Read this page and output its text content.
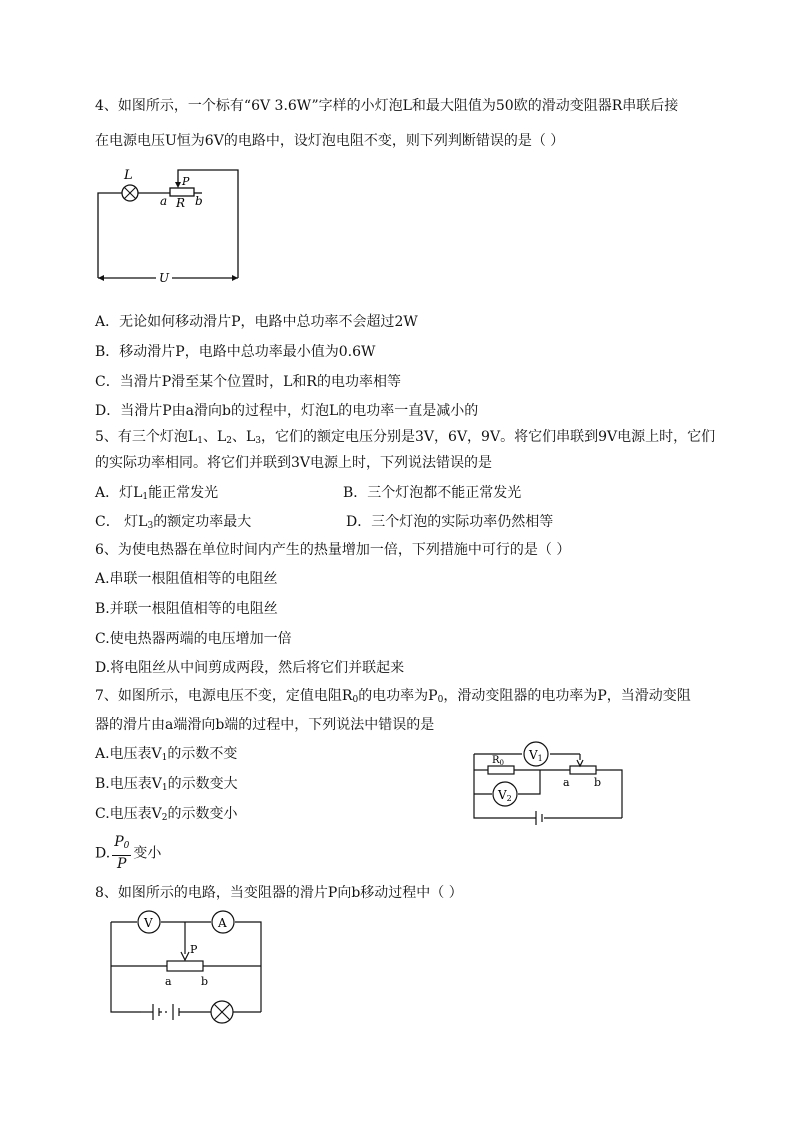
4、如图所示，一个标有“6V 3.6W”字样的小灯泡L和最大阻值为50欧的滑动变阻器R串联后接
在电源电压U恒为6V的电路中，设灯泡电阻不变，则下列判断错误的是（ ）
L	P
a R b
U
A．无论如何移动滑片P，电路中总功率不会超过2W
B．移动滑片P，电路中总功率最小值为0.6W
C．当滑片P滑至某个位置时，L和R的电功率相等
D．当滑片P由a滑向b的过程中，灯泡L的电功率一直是减小的
5、有三个灯泡$L_1$、$L_2$、$L_3$，它们的额定电压分别是3V，6V，9V。将它们串联到9V电源上时，它们
的实际功率相同。将它们并联到3V电源上时，下列说法错误的是
A．灯$L_1$能正常发光	B．三个灯泡都不能正常发光
C． 灯$L_3$的额定功率最大	D．三个灯泡的实际功率仍然相等
6、为使电热器在单位时间内产生的热量增加一倍，下列措施中可行的是（ ）
A.串联一根阻值相等的电阻丝
B.并联一根阻值相等的电阻丝
C.使电热器两端的电压增加一倍
D.将电阻丝从中间剪成两段，然后将它们并联起来
7、如图所示，电源电压不变，定值电阻$R_0$的电功率为$P_0$，滑动变阻器的电功率为P，当滑动变阻
器的滑片由a端滑向b端的过程中，下列说法中错误的是
A.电压表$V_1$的示数不变
B.电压表$V_1$的示数变大
C.电压表$V_2$的示数变小
D. $\frac{P_0}{P}$ 变小
V1
$R_0$
V2
a b
8、如图所示的电路，当变阻器的滑片P向b移动过程中（ ）
V	A
P
a	b
